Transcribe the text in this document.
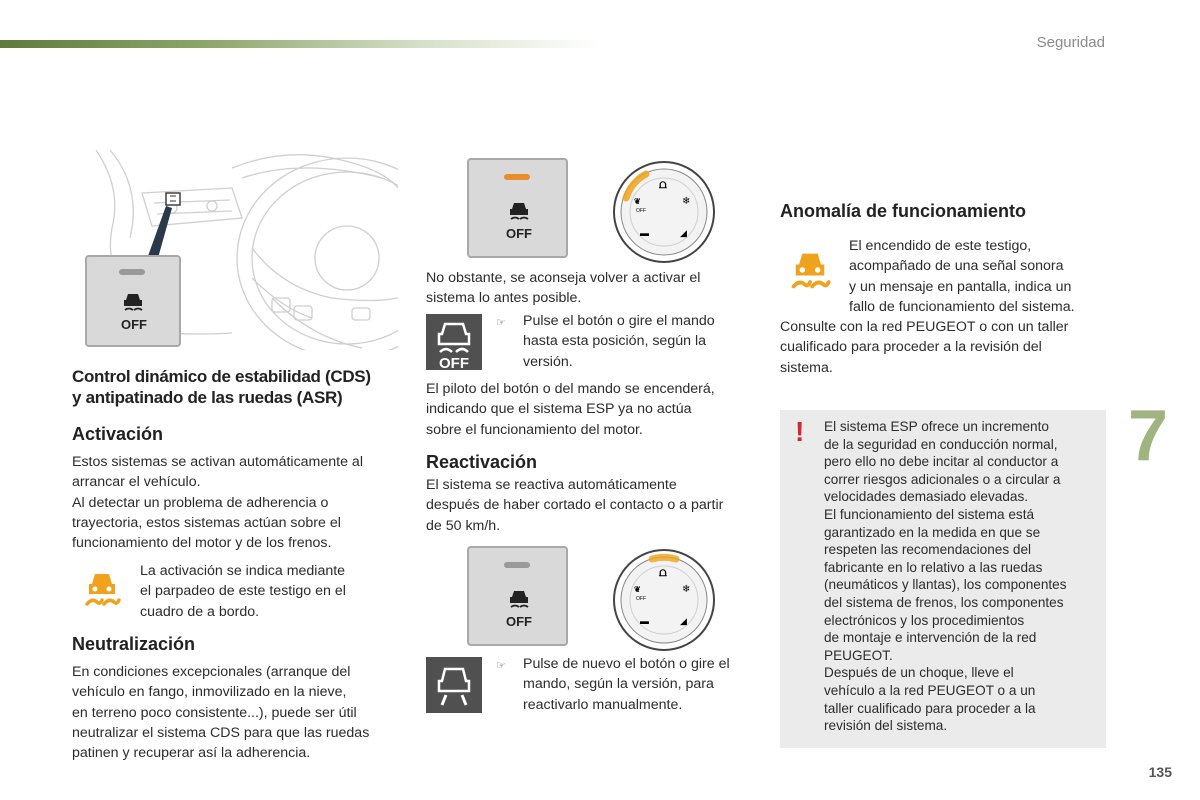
Seguridad
OFF
Control dinámico de estabilidad (CDS)
y antipatinado de las ruedas (ASR)
Activación

Estos sistemas se activan automáticamente al
arrancar el vehículo.
Al detectar un problema de adherencia o
trayectoria, estos sistemas actúan sobre el
funcionamiento del motor y de los frenos.

La activación se indica mediante
el parpadeo de este testigo en el
cuadro de a bordo.

Neutralización

En condiciones excepcionales (arranque del
vehículo en fango, inmovilizado en la nieve,
en terreno poco consistente...), puede ser útil
neutralizar el sistema CDS para que las ruedas
patinen y recuperar así la adherencia.

OFF
❦
OFF
⩍
❄
▬	◢

No obstante, se aconseja volver a activar el
sistema lo antes posible.

OFF
☞ Pulse el botón o gire el mando
hasta esta posición, según la
versión.

El piloto del botón o del mando se encenderá,
indicando que el sistema ESP ya no actúa
sobre el funcionamiento del motor.

Reactivación

El sistema se reactiva automáticamente
después de haber cortado el contacto o a partir
de 50 km/h.

OFF
❦
OFF
⩍
❄
▬	◢
☞ Pulse de nuevo el botón o gire el
mando, según la versión, para
reactivarlo manualmente.

Anomalía de funcionamiento

El encendido de este testigo,
acompañado de una señal sonora
y un mensaje en pantalla, indica un
fallo de funcionamiento del sistema.

Consulte con la red PEUGEOT o con un taller
cualificado para proceder a la revisión del
sistema.

! El sistema ESP ofrece un incremento
de la seguridad en conducción normal,
pero ello no debe incitar al conductor a
correr riesgos adicionales o a circular a
velocidades demasiado elevadas.
El funcionamiento del sistema está
garantizado en la medida en que se
respeten las recomendaciones del
fabricante en lo relativo a las ruedas
(neumáticos y llantas), los componentes
del sistema de frenos, los componentes
electrónicos y los procedimientos
de montaje e intervención de la red
PEUGEOT.
Después de un choque, lleve el
vehículo a la red PEUGEOT o a un
taller cualificado para proceder a la
revisión del sistema.

7
135
